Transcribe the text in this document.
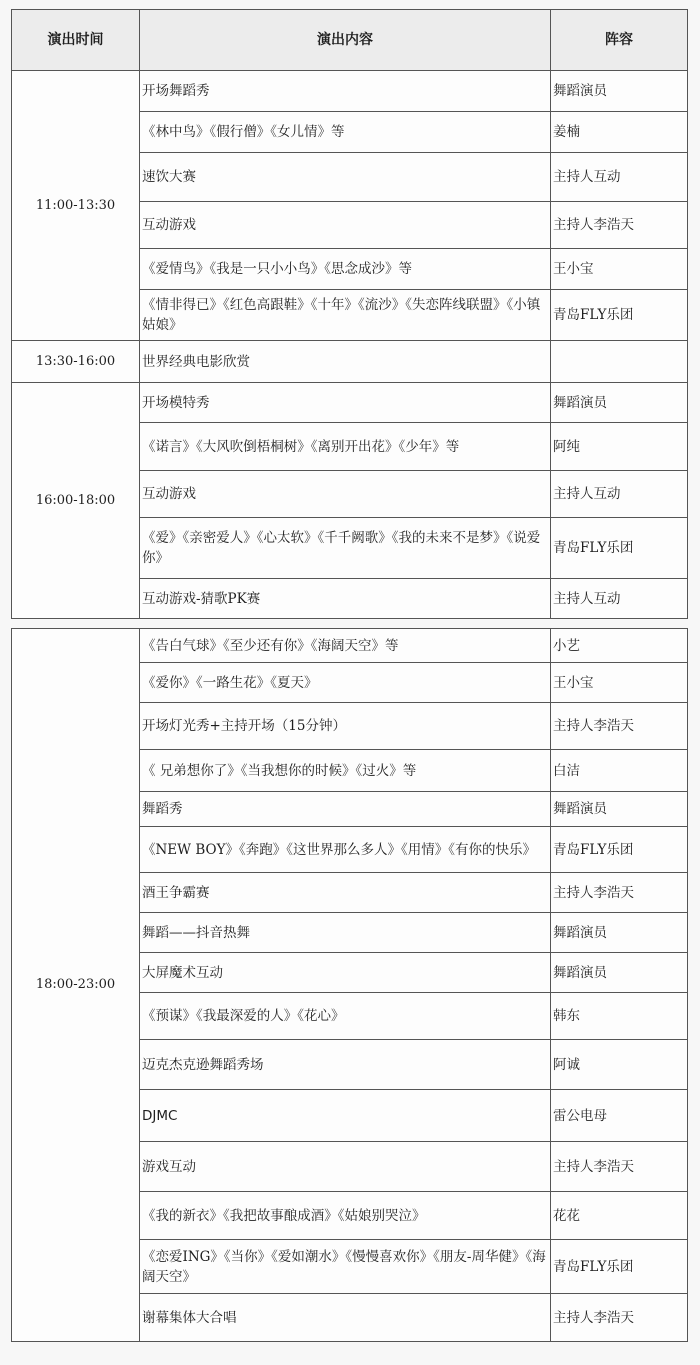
演出时间	演出内容	阵容
11:00-13:30	开场舞蹈秀	舞蹈演员
	《林中鸟》《假行僧》《女儿情》等	姜楠
	速饮大赛	主持人互动
	互动游戏	主持人李浩天
	《爱情鸟》《我是一只小小鸟》《思念成沙》等	王小宝
	《情非得已》《红色高跟鞋》《十年》《流沙》《失恋阵线联盟》《小镇姑娘》	青岛FLY乐团
13:30-16:00	世界经典电影欣赏	
16:00-18:00	开场模特秀	舞蹈演员
	《诺言》《大风吹倒梧桐树》《离别开出花》《少年》等	阿纯
	互动游戏	主持人互动
	《爱》《亲密爱人》《心太软》《千千阙歌》《我的未来不是梦》《说爱你》	青岛FLY乐团
	互动游戏-猜歌PK赛	主持人互动
18:00-23:00	《告白气球》《至少还有你》《海阔天空》等	小艺
	《爱你》《一路生花》《夏天》	王小宝
	开场灯光秀+主持开场（15分钟）	主持人李浩天
	《 兄弟想你了》《当我想你的时候》《过火》等	白洁
	舞蹈秀	舞蹈演员
	《NEW BOY》《奔跑》《这世界那么多人》《用情》《有你的快乐》	青岛FLY乐团
	酒王争霸赛	主持人李浩天
	舞蹈——抖音热舞	舞蹈演员
	大屏魔术互动	舞蹈演员
	《预谋》《我最深爱的人》《花心》	韩东
	迈克杰克逊舞蹈秀场	阿诚
	DJMC	雷公电母
	游戏互动	主持人李浩天
	《我的新衣》《我把故事酿成酒》《姑娘别哭泣》	花花
	《恋爱ING》《当你》《爱如潮水》《慢慢喜欢你》《朋友-周华健》《海阔天空》	青岛FLY乐团
	谢幕集体大合唱	主持人李浩天
